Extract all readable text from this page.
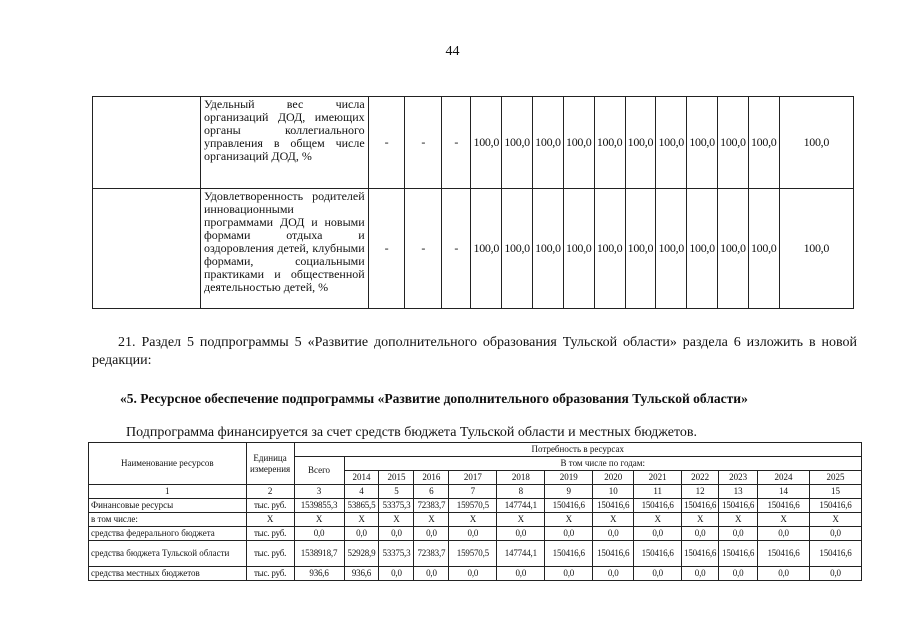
44
	Удельный вес числа организаций ДОД, имеющих органы коллегиального управления в общем числе организаций ДОД, %	-	-	-	100,0	100,0	100,0	100,0	100,0	100,0	100,0	100,0	100,0	100,0	100,0
	Удовлетворенность родителей инновационными программами ДОД и новыми формами отдыха и оздоровления детей, клубными формами, социальными практиками и общественной деятельностью детей, %	-	-	-	100,0	100,0	100,0	100,0	100,0	100,0	100,0	100,0	100,0	100,0	100,0
21. Раздел 5 подпрограммы 5 «Развитие дополнительного образования Тульской области» раздела 6 изложить в новой редакции:
«5. Ресурсное обеспечение подпрограммы «Развитие дополнительного образования Тульской области»
Подпрограмма финансируется за счет средств бюджета Тульской области и местных бюджетов.
Наименование ресурсов	Единица измерения	Потребность в ресурсах												
		Всего	В том числе по годам:											
			2014	2015	2016	2017	2018	2019	2020	2021	2022	2023	2024	2025
1	2	3	4	5	6	7	8	9	10	11	12	13	14	15
Финансовые ресурсы	тыс. руб.	1539855,3	53865,5	53375,3	72383,7	159570,5	147744,1	150416,6	150416,6	150416,6	150416,6	150416,6	150416,6	150416,6
в том числе:	X	X	X	X	X	X	X	X	X	X	X	X	X	X
средства федерального бюджета	тыс. руб.	0,0	0,0	0,0	0,0	0,0	0,0	0,0	0,0	0,0	0,0	0,0	0,0	0,0
средства бюджета Тульской области	тыс. руб.	1538918,7	52928,9	53375,3	72383,7	159570,5	147744,1	150416,6	150416,6	150416,6	150416,6	150416,6	150416,6	150416,6
средства местных бюджетов	тыс. руб.	936,6	936,6	0,0	0,0	0,0	0,0	0,0	0,0	0,0	0,0	0,0	0,0	0,0
